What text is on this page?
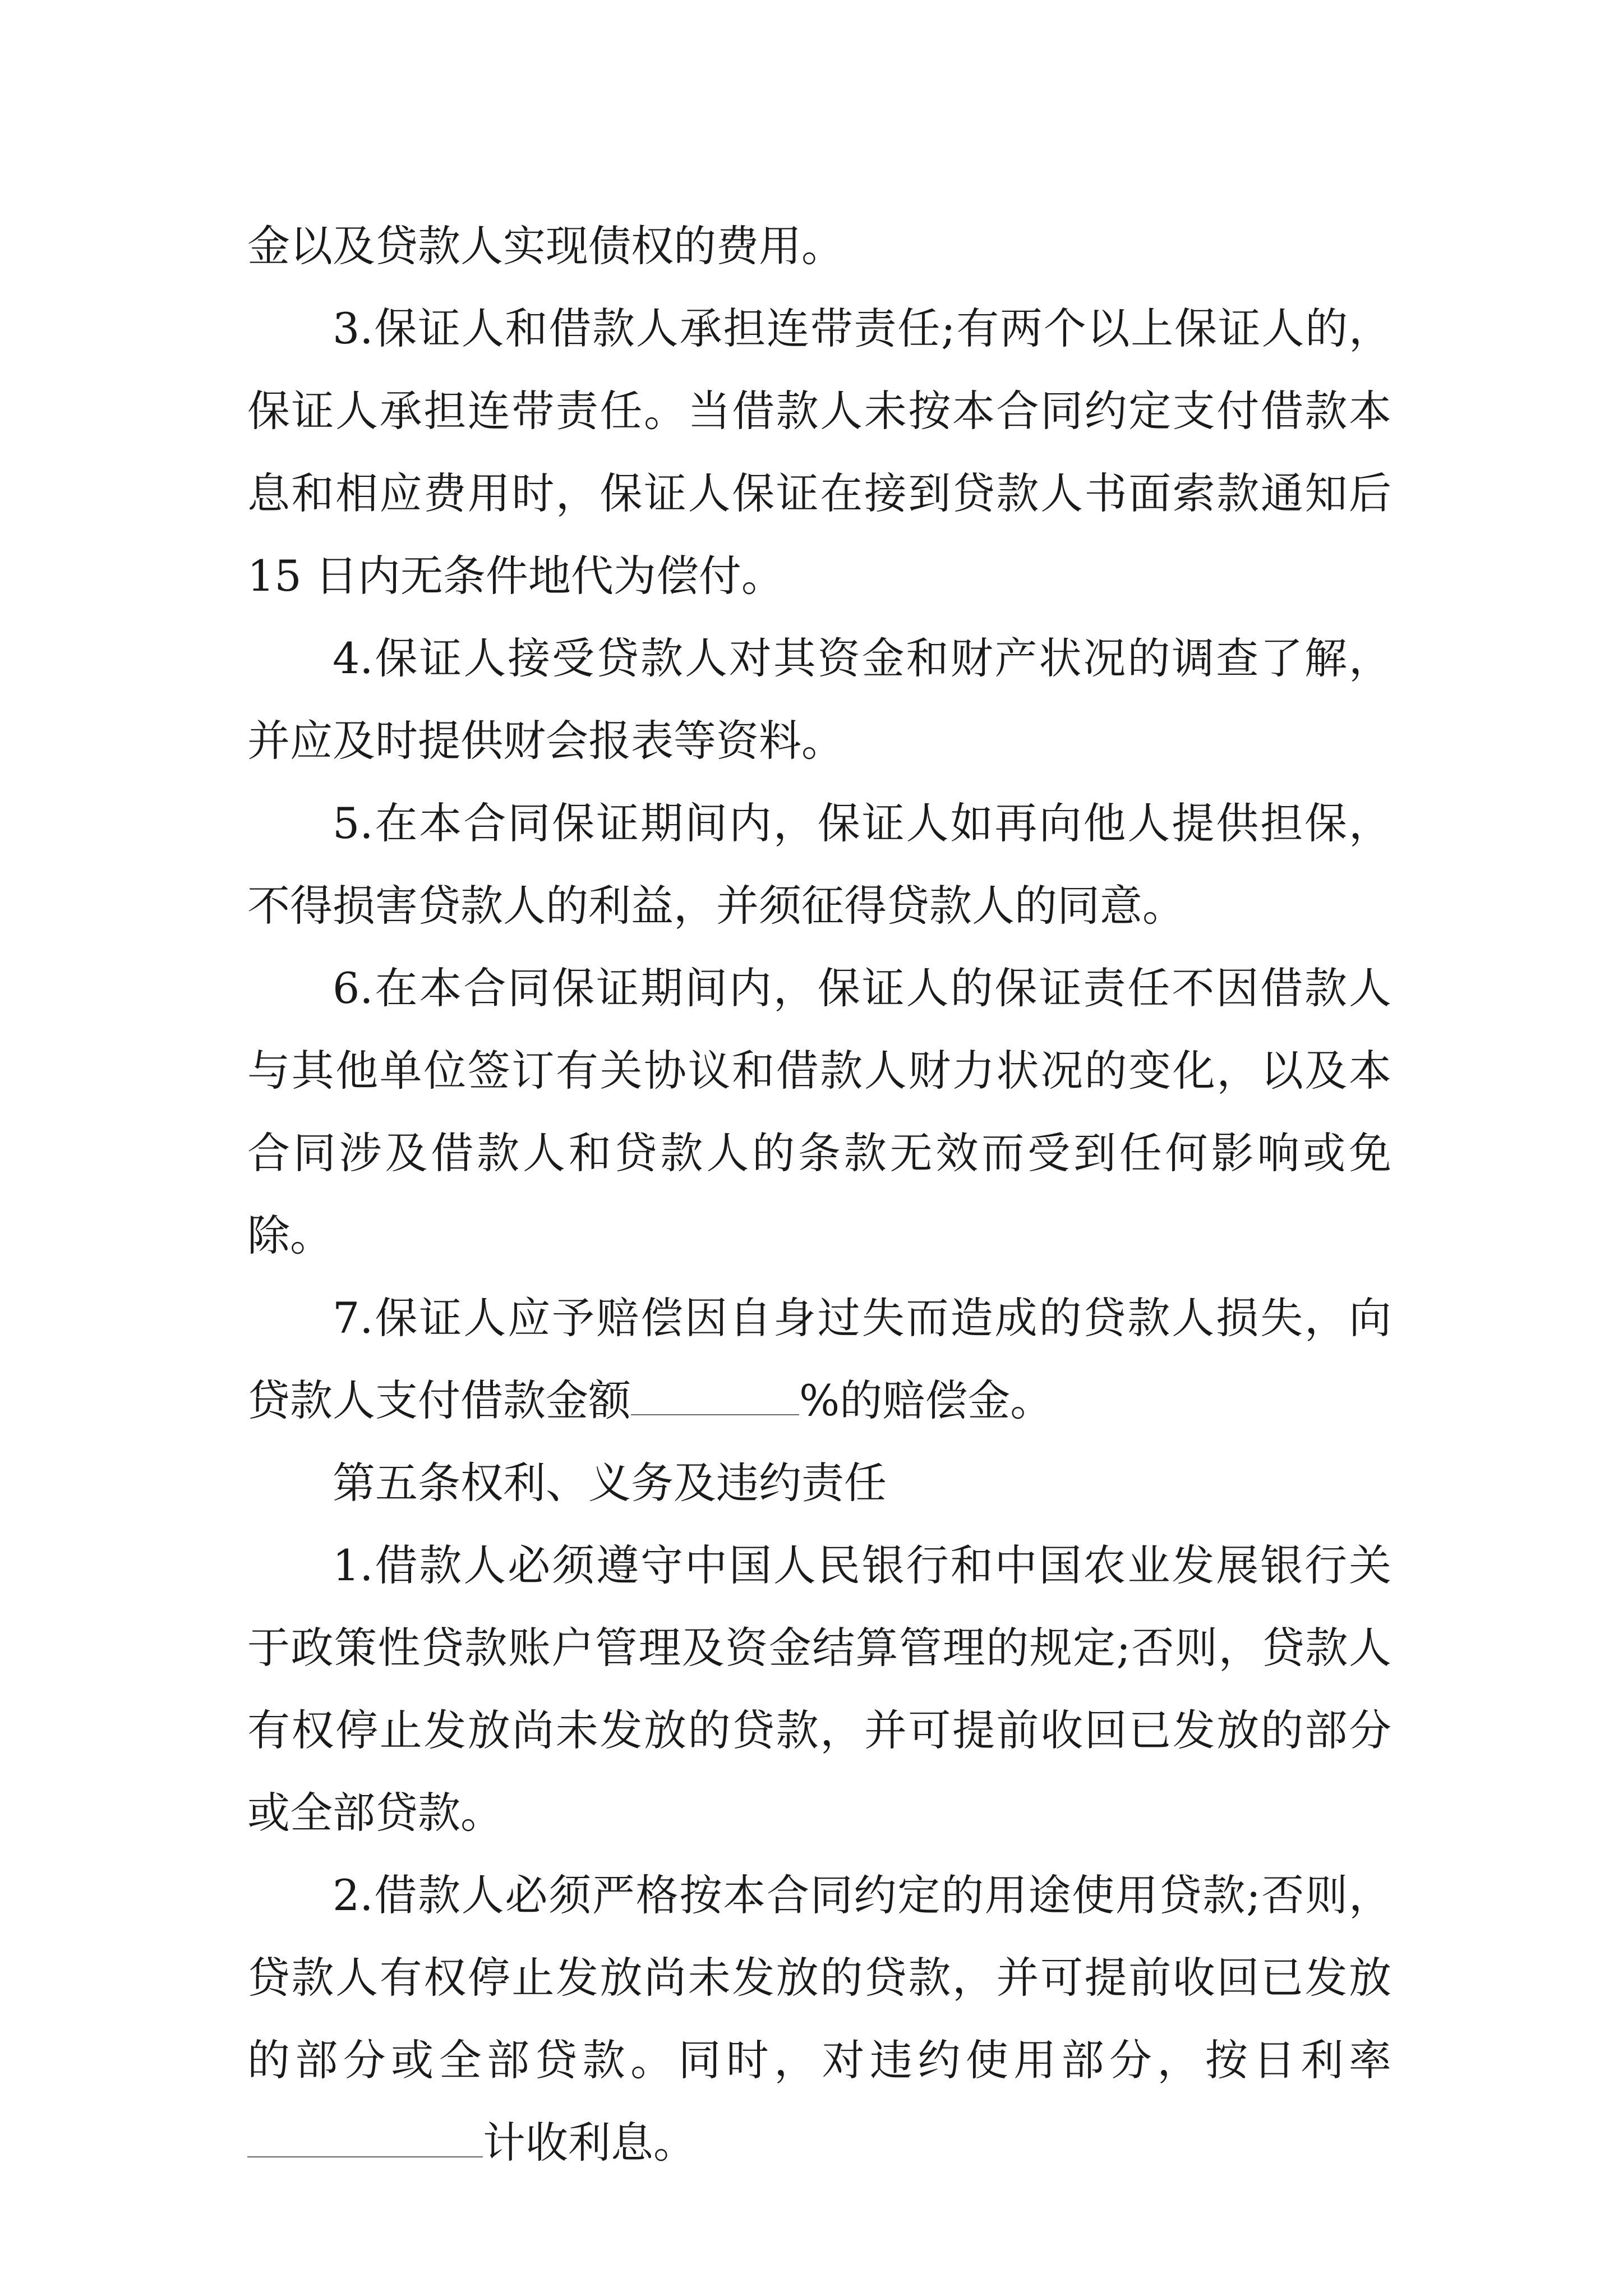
金以及贷款人实现债权的费用。

3.保证人和借款人承担连带责任;有两个以上保证人的，保证人承担连带责任。当借款人未按本合同约定支付借款本息和相应费用时，保证人保证在接到贷款人书面索款通知后 15 日内无条件地代为偿付。

4.保证人接受贷款人对其资金和财产状况的调查了解，并应及时提供财会报表等资料。

5.在本合同保证期间内，保证人如再向他人提供担保，不得损害贷款人的利益，并须征得贷款人的同意。

6.在本合同保证期间内，保证人的保证责任不因借款人与其他单位签订有关协议和借款人财力状况的变化，以及本合同涉及借款人和贷款人的条款无效而受到任何影响或免除。

7.保证人应予赔偿因自身过失而造成的贷款人损失，向贷款人支付借款金额	%的赔偿金。

第五条权利、义务及违约责任

1.借款人必须遵守中国人民银行和中国农业发展银行关于政策性贷款账户管理及资金结算管理的规定;否则，贷款人有权停止发放尚未发放的贷款，并可提前收回已发放的部分或全部贷款。

2.借款人必须严格按本合同约定的用途使用贷款;否则，贷款人有权停止发放尚未发放的贷款，并可提前收回已发放的部分或全部贷款。同时，对违约使用部分，按日利率计收利息。
